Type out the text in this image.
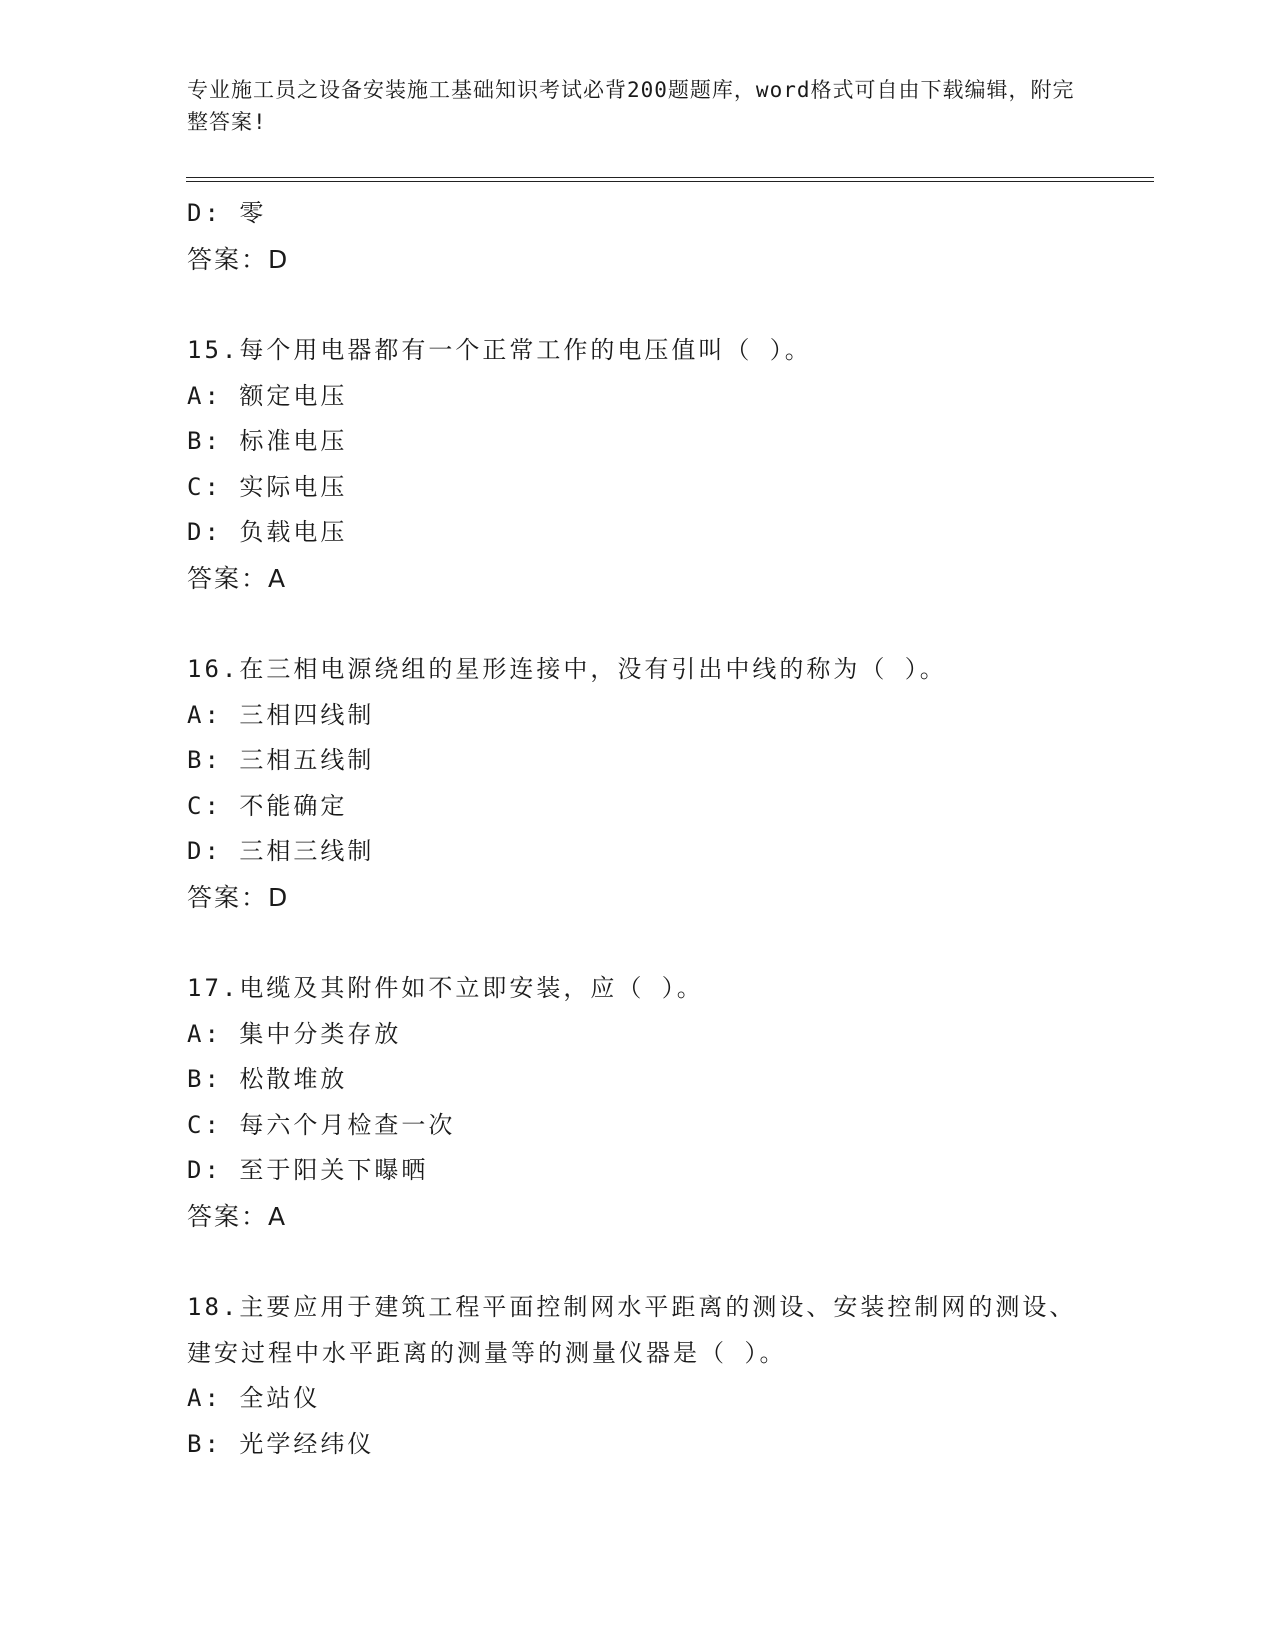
专业施工员之设备安装施工基础知识考试必背200题题库，word格式可自由下载编辑，附完整答案!
D: 零
答案：D
15.每个用电器都有一个正常工作的电压值叫（ ）。
A: 额定电压
B: 标准电压
C: 实际电压
D: 负载电压
答案：A
16.在三相电源绕组的星形连接中，没有引出中线的称为（ ）。
A: 三相四线制
B: 三相五线制
C: 不能确定
D: 三相三线制
答案：D
17.电缆及其附件如不立即安装，应（ ）。
A: 集中分类存放
B: 松散堆放
C: 每六个月检查一次
D: 至于阳关下曝晒
答案：A
18.主要应用于建筑工程平面控制网水平距离的测设、安装控制网的测设、建安过程中水平距离的测量等的测量仪器是（ ）。
A: 全站仪
B: 光学经纬仪
